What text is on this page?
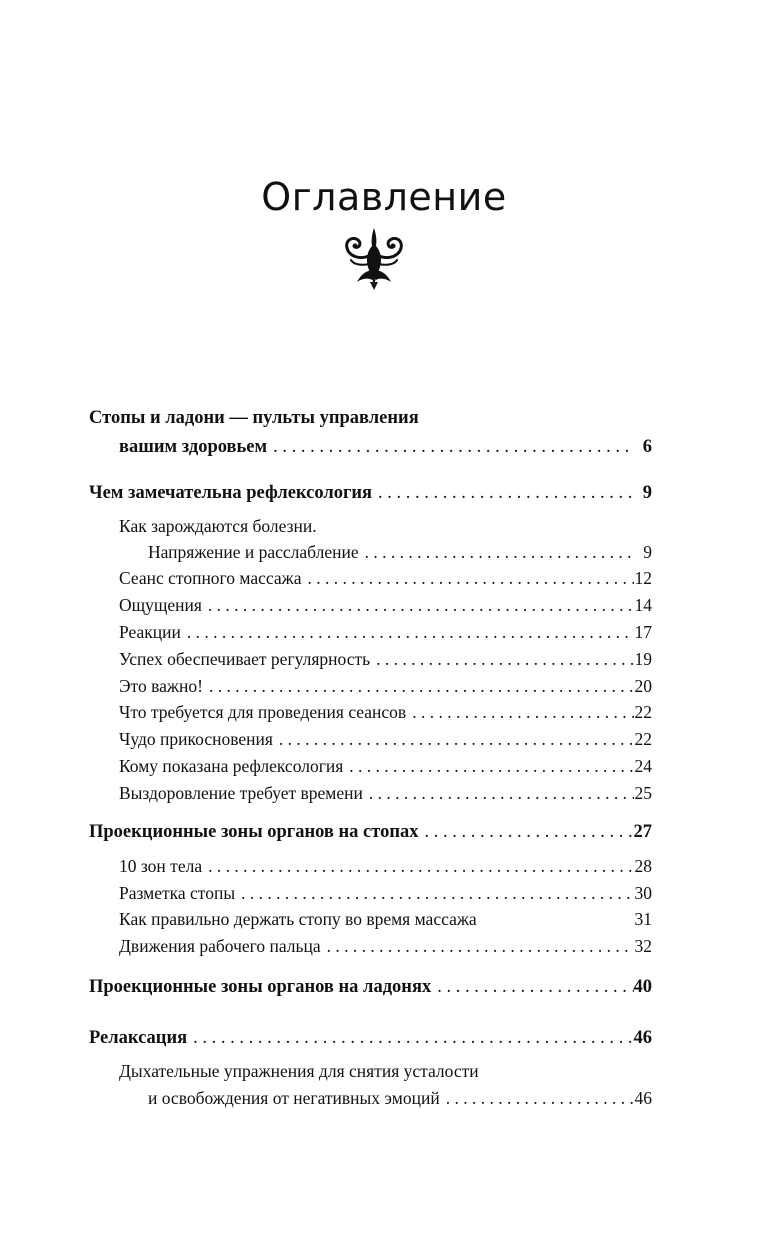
Оглавление
Стопы и ладони — пульты управления
вашим здоровьем . . .	6
Чем замечательна рефлексология . . .	9
Как зарождаются болезни.
Напряжение и расслабление . . .	9
Сеанс стопного массажа . . .	12
Ощущения . . .	14
Реакции . . .	17
Успех обеспечивает регулярность . . .	19
Это важно! . . .	20
Что требуется для проведения сеансов . . .	22
Чудо прикосновения . . .	22
Кому показана рефлексология . . .	24
Выздоровление требует времени . . .	25
Проекционные зоны органов на стопах . . .	27
10 зон тела . . .	28
Разметка стопы . . .	30
Как правильно держать стопу во время массажа	31
Движения рабочего пальца . . .	32
Проекционные зоны органов на ладонях . . .	40
Релаксация . . .	46
Дыхательные упражнения для снятия усталости
и освобождения от негативных эмоций . . .	46
